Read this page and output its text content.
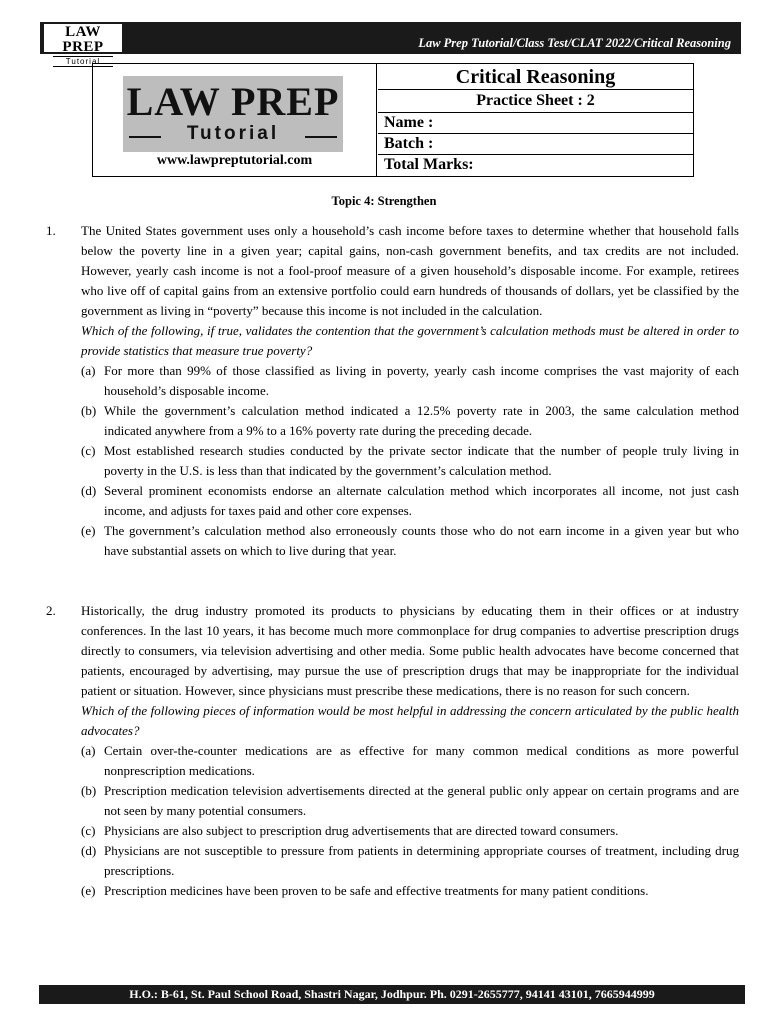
LAW PREP
Tutorial
Law Prep Tutorial/Class Test/CLAT 2022/Critical Reasoning
LAW PREP
Tutorial
www.lawpreptutorial.com
Critical Reasoning
Practice Sheet : 2
Name :
Batch :
Total Marks:
Topic 4: Strengthen
1. The United States government uses only a household’s cash income before taxes to determine whether that household falls below the poverty line in a given year; capital gains, non-cash government benefits, and tax credits are not included. However, yearly cash income is not a fool-proof measure of a given household’s disposable income. For example, retirees who live off of capital gains from an extensive portfolio could earn hundreds of thousands of dollars, yet be classified by the government as living in “poverty” because this income is not included in the calculation.

Which of the following, if true, validates the contention that the government’s calculation methods must be altered in order to provide statistics that measure true poverty?

(a) For more than 99% of those classified as living in poverty, yearly cash income comprises the vast majority of each household’s disposable income.
(b) While the government’s calculation method indicated a 12.5% poverty rate in 2003, the same calculation method indicated anywhere from a 9% to a 16% poverty rate during the preceding decade.
(c) Most established research studies conducted by the private sector indicate that the number of people truly living in poverty in the U.S. is less than that indicated by the government’s calculation method.
(d) Several prominent economists endorse an alternate calculation method which incorporates all income, not just cash income, and adjusts for taxes paid and other core expenses.
(e) The government’s calculation method also erroneously counts those who do not earn income in a given year but who have substantial assets on which to live during that year.
2. Historically, the drug industry promoted its products to physicians by educating them in their offices or at industry conferences. In the last 10 years, it has become much more commonplace for drug companies to advertise prescription drugs directly to consumers, via television advertising and other media. Some public health advocates have become concerned that patients, encouraged by advertising, may pursue the use of prescription drugs that may be inappropriate for the individual patient or situation. However, since physicians must prescribe these medications, there is no reason for such concern.

Which of the following pieces of information would be most helpful in addressing the concern articulated by the public health advocates?

(a) Certain over-the-counter medications are as effective for many common medical conditions as more powerful nonprescription medications.
(b) Prescription medication television advertisements directed at the general public only appear on certain programs and are not seen by many potential consumers.
(c) Physicians are also subject to prescription drug advertisements that are directed toward consumers.
(d) Physicians are not susceptible to pressure from patients in determining appropriate courses of treatment, including drug prescriptions.
(e) Prescription medicines have been proven to be safe and effective treatments for many patient conditions.
H.O.: B-61, St. Paul School Road, Shastri Nagar, Jodhpur. Ph. 0291-2655777, 94141 43101, 7665944999
